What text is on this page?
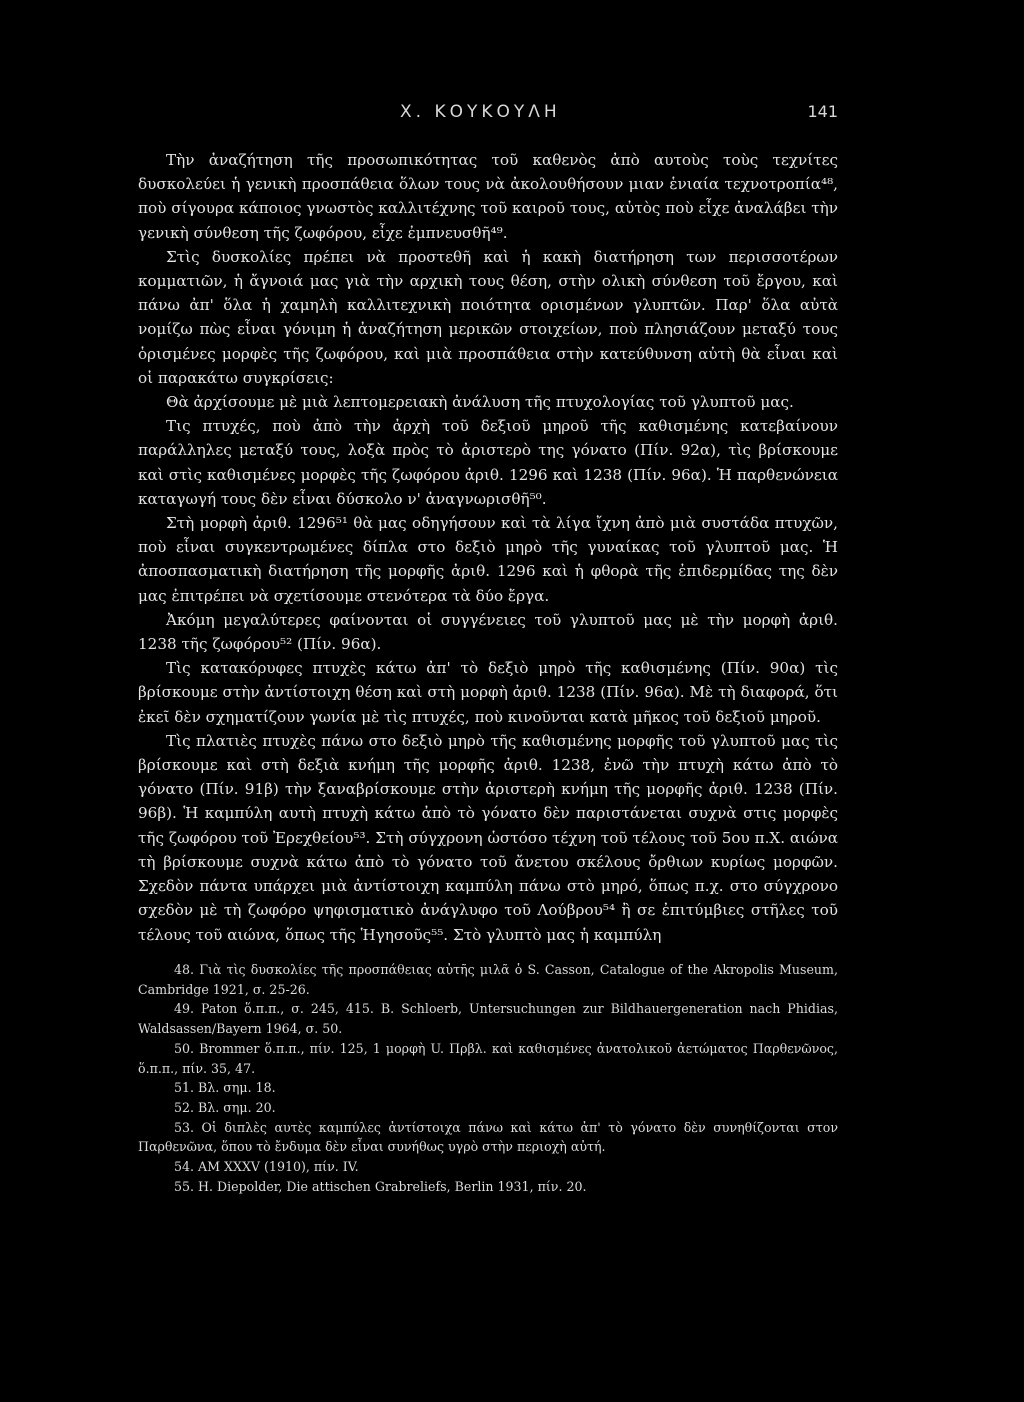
Χ. ΚΟΥΚΟΥΛΗ	141

Τὴν ἀναζήτηση τῆς προσωπικότητας τοῦ καθενὸς ἀπὸ αυτοὺς τοὺς τεχνίτες δυσκολεύει ἡ γενικὴ προσπάθεια ὅλων τους νὰ ἀκολουθήσουν μιαν ἑνιαία τεχνοτροπία⁴⁸, ποὺ σίγουρα κάποιος γνωστὸς καλλιτέχνης τοῦ καιροῦ τους, αὐτὸς ποὺ εἶχε ἀναλάβει τὴν γενικὴ σύνθεση τῆς ζωφόρου, εἶχε ἐμπνευσθῆ⁴⁹.

Στὶς δυσκολίες πρέπει νὰ προστεθῆ καὶ ἡ κακὴ διατήρηση των περισσοτέρων κομματιῶν, ἡ ἄγνοιά μας γιὰ τὴν αρχικὴ τους θέση, στὴν ολικὴ σύνθεση τοῦ ἔργου, καὶ πάνω ἀπ' ὅλα ἡ χαμηλὴ καλλιτεχνικὴ ποιότητα ορισμένων γλυπτῶν. Παρ' ὅλα αὐτὰ νομίζω πὼς εἶναι γόνιμη ἡ ἀναζήτηση μερικῶν στοιχείων, ποὺ πλησιάζουν μεταξύ τους ὁρισμένες μορφὲς τῆς ζωφόρου, καὶ μιὰ προσπάθεια στὴν κατεύθυνση αὐτὴ θὰ εἶναι καὶ οἱ παρακάτω συγκρίσεις:

Θὰ ἀρχίσουμε μὲ μιὰ λεπτομερειακὴ ἀνάλυση τῆς πτυχολογίας τοῦ γλυπτοῦ μας.

Τις πτυχές, ποὺ ἀπὸ τὴν ἀρχὴ τοῦ δεξιοῦ μηροῦ τῆς καθισμένης κατεβαίνουν παράλληλες μεταξύ τους, λοξὰ πρὸς τὸ ἀριστερὸ της γόνατο (Πίν. 92α), τὶς βρίσκουμε καὶ στὶς καθισμένες μορφὲς τῆς ζωφόρου ἀριθ. 1296 καὶ 1238 (Πίν. 96α). Ἡ παρθενώνεια καταγωγή τους δὲν εἶναι δύσκολο ν' ἀναγνωρισθῆ⁵⁰.

Στὴ μορφὴ ἀριθ. 1296⁵¹ θὰ μας οδηγήσουν καὶ τὰ λίγα ἴχνη ἀπὸ μιὰ συστάδα πτυχῶν, ποὺ εἶναι συγκεντρωμένες δίπλα στο δεξιὸ μηρὸ τῆς γυναίκας τοῦ γλυπτοῦ μας. Ἡ ἀποσπασματικὴ διατήρηση τῆς μορφῆς ἀριθ. 1296 καὶ ἡ φθορὰ τῆς ἐπιδερμίδας της δὲν μας ἐπιτρέπει νὰ σχετίσουμε στενότερα τὰ δύο ἔργα.

Ἀκόμη μεγαλύτερες φαίνονται οἱ συγγένειες τοῦ γλυπτοῦ μας μὲ τὴν μορφὴ ἀριθ. 1238 τῆς ζωφόρου⁵² (Πίν. 96α).

Τὶς κατακόρυφες πτυχὲς κάτω ἀπ' τὸ δεξιὸ μηρὸ τῆς καθισμένης (Πίν. 90α) τὶς βρίσκουμε στὴν ἀντίστοιχη θέση καὶ στὴ μορφὴ ἀριθ. 1238 (Πίν. 96α). Μὲ τὴ διαφορά, ὅτι ἐκεῖ δὲν σχηματίζουν γωνία μὲ τὶς πτυχές, ποὺ κινοῦνται κατὰ μῆκος τοῦ δεξιοῦ μηροῦ.

Τὶς πλατιὲς πτυχὲς πάνω στο δεξιὸ μηρὸ τῆς καθισμένης μορφῆς τοῦ γλυπτοῦ μας τὶς βρίσκουμε καὶ στὴ δεξιὰ κνήμη τῆς μορφῆς ἀριθ. 1238, ἐνῶ τὴν πτυχὴ κάτω ἀπὸ τὸ γόνατο (Πίν. 91β) τὴν ξαναβρίσκουμε στὴν ἀριστερὴ κνήμη τῆς μορφῆς ἀριθ. 1238 (Πίν. 96β). Ἡ καμπύλη αυτὴ πτυχὴ κάτω ἀπὸ τὸ γόνατο δὲν παριστάνεται συχνὰ στις μορφὲς τῆς ζωφόρου τοῦ Ἐρεχθείου⁵³. Στὴ σύγχρονη ὡστόσο τέχνη τοῦ τέλους τοῦ 5ου π.Χ. αιώνα τὴ βρίσκουμε συχνὰ κάτω ἀπὸ τὸ γόνατο τοῦ ἄνετου σκέλους ὄρθιων κυρίως μορφῶν. Σχεδὸν πάντα υπάρχει μιὰ ἀντίστοιχη καμπύλη πάνω στὸ μηρό, ὅπως π.χ. στο σύγχρονο σχεδὸν μὲ τὴ ζωφόρο ψηφισματικὸ ἀνάγλυφο τοῦ Λούβρου⁵⁴ ἢ σε ἐπιτύμβιες στῆλες τοῦ τέλους τοῦ αιώνα, ὅπως τῆς Ἡγησοῦς⁵⁵. Στὸ γλυπτὸ μας ἡ καμπύλη

48. Γιὰ τὶς δυσκολίες τῆς προσπάθειας αὐτῆς μιλᾶ ὁ S. Casson, Catalogue of the Akropolis Museum, Cambridge 1921, σ. 25-26.

49. Paton ὅ.π.π., σ. 245, 415. B. Schloerb, Untersuchungen zur Bildhauergeneration nach Phidias, Waldsassen/Bayern 1964, σ. 50.

50. Brommer ὅ.π.π., πίν. 125, 1 μορφὴ U. Πρβλ. καὶ καθισμένες ἀνατολικοῦ ἀετώματος Παρθενῶνος, ὅ.π.π., πίν. 35, 47.

51. Βλ. σημ. 18.

52. Βλ. σημ. 20.

53. Οἱ διπλὲς αυτὲς καμπύλες ἀντίστοιχα πάνω καὶ κάτω ἀπ' τὸ γόνατο δὲν συνηθίζονται στον Παρθενῶνα, ὅπου τὸ ἔνδυμα δὲν εἶναι συνήθως υγρὸ στὴν περιοχὴ αὐτή.

54. AM XXXV (1910), πίν. IV.

55. H. Diepolder, Die attischen Grabreliefs, Berlin 1931, πίν. 20.
